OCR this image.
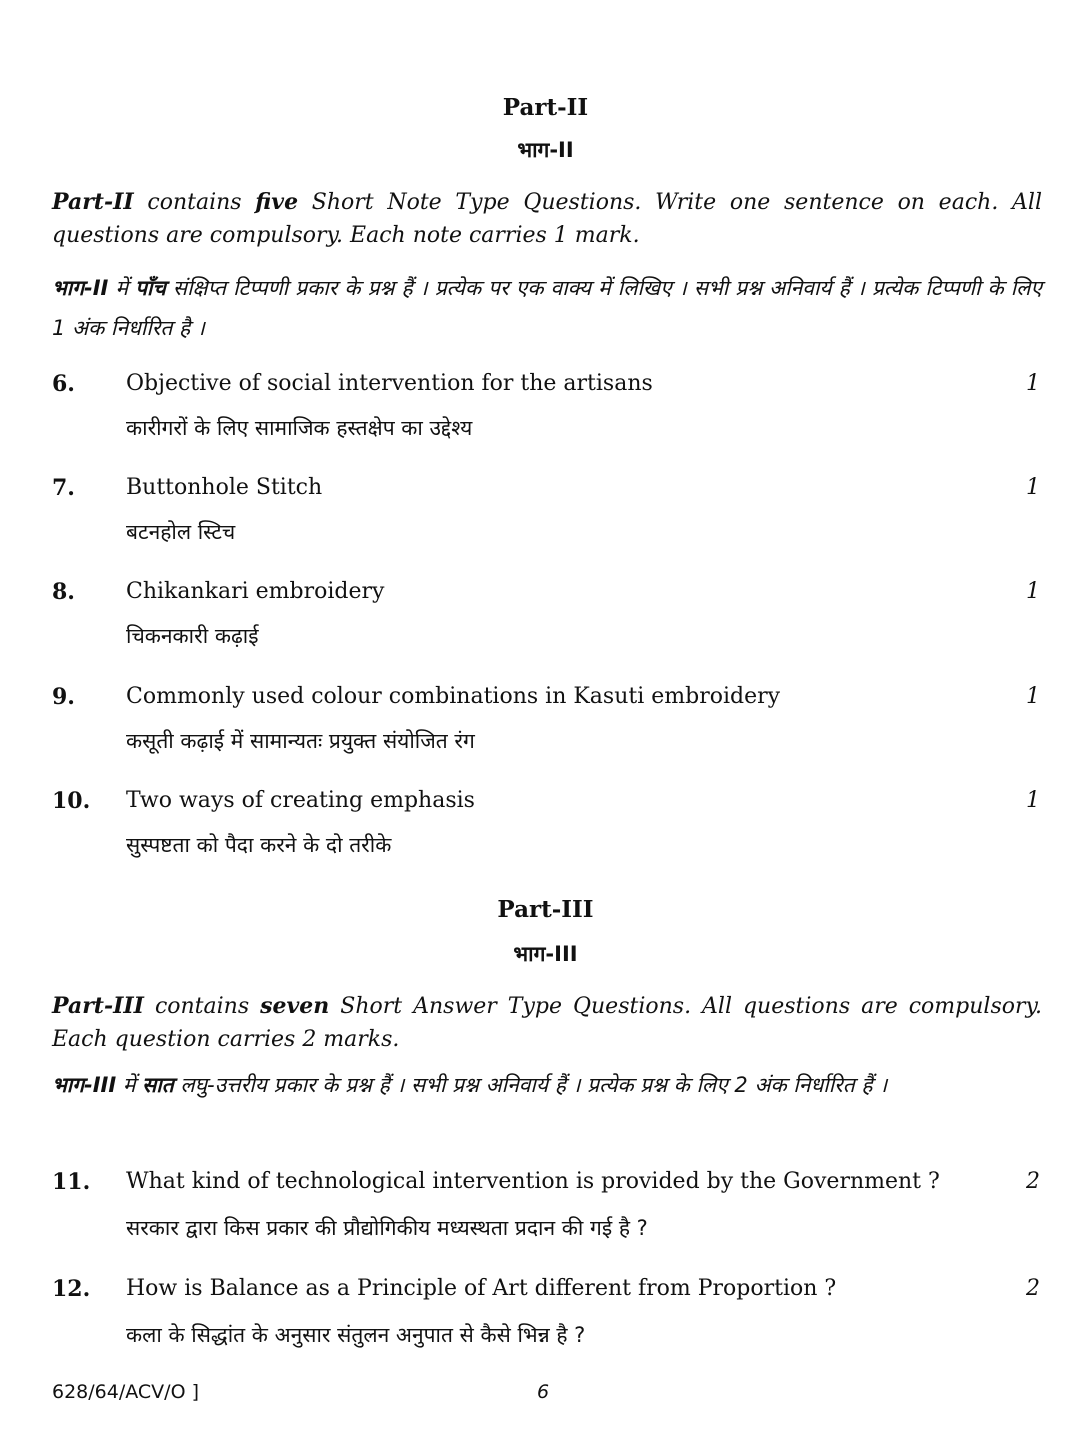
Part-II
भाग-II
Part-II contains five Short Note Type Questions. Write one sentence on each. All questions are compulsory. Each note carries 1 mark.
भाग-II में पाँच संक्षिप्त टिप्पणी प्रकार के प्रश्न हैं । प्रत्येक पर एक वाक्य में लिखिए । सभी प्रश्न अनिवार्य हैं । प्रत्येक टिप्पणी के लिए 1 अंक निर्धारित है ।
6. Objective of social intervention for the artisans	1
कारीगरों के लिए सामाजिक हस्तक्षेप का उद्देश्य
7. Buttonhole Stitch	1
बटनहोल स्टिच
8. Chikankari embroidery	1
चिकनकारी कढ़ाई
9. Commonly used colour combinations in Kasuti embroidery	1
कसूती कढ़ाई में सामान्यतः प्रयुक्त संयोजित रंग
10. Two ways of creating emphasis	1
सुस्पष्टता को पैदा करने के दो तरीके
Part-III
भाग-III
Part-III contains seven Short Answer Type Questions. All questions are compulsory. Each question carries 2 marks.
भाग-III में सात लघु-उत्तरीय प्रकार के प्रश्न हैं । सभी प्रश्न अनिवार्य हैं । प्रत्येक प्रश्न के लिए 2 अंक निर्धारित हैं ।
11. What kind of technological intervention is provided by the Government ?	2
सरकार द्वारा किस प्रकार की प्रौद्योगिकीय मध्यस्थता प्रदान की गई है ?
12. How is Balance as a Principle of Art different from Proportion ?	2
कला के सिद्धांत के अनुसार संतुलन अनुपात से कैसे भिन्न है ?
628/64/ACV/O ]	6
